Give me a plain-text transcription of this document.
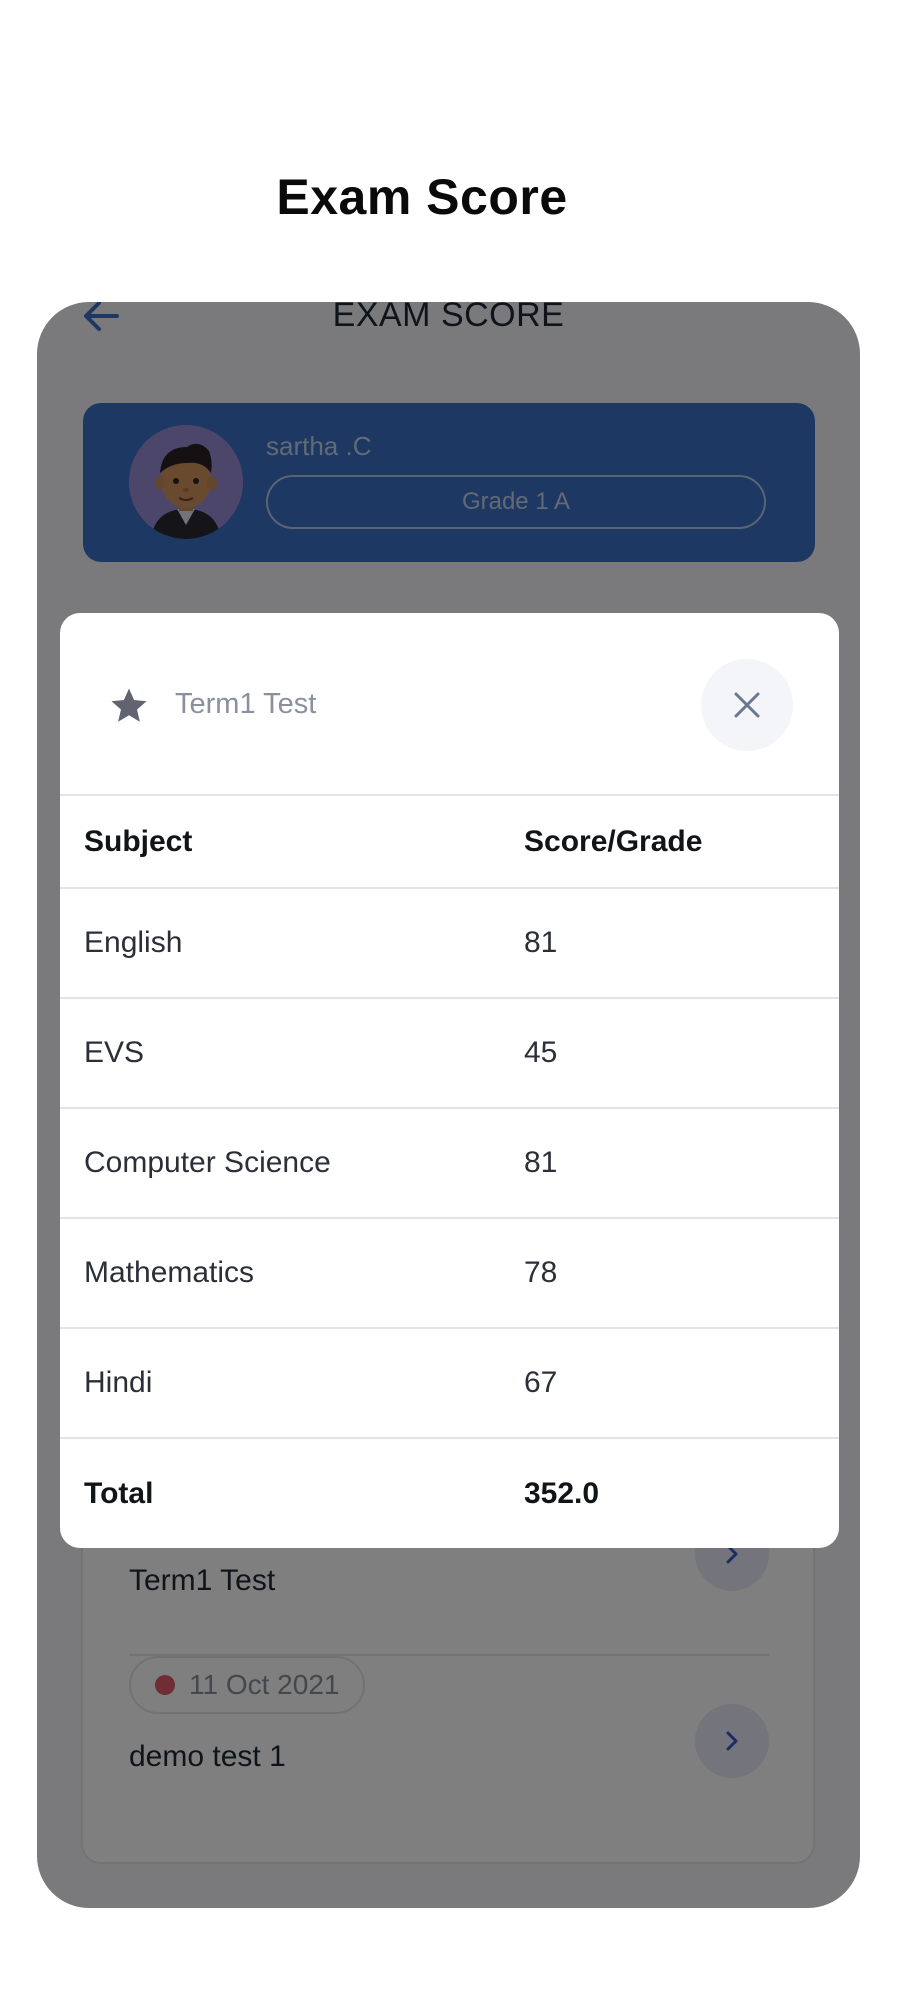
Exam Score
Term1 Test
Subject	Score/Grade
English	81
EVS	45
Computer Science	81
Mathematics	78
Hindi	67
Total	352.0
